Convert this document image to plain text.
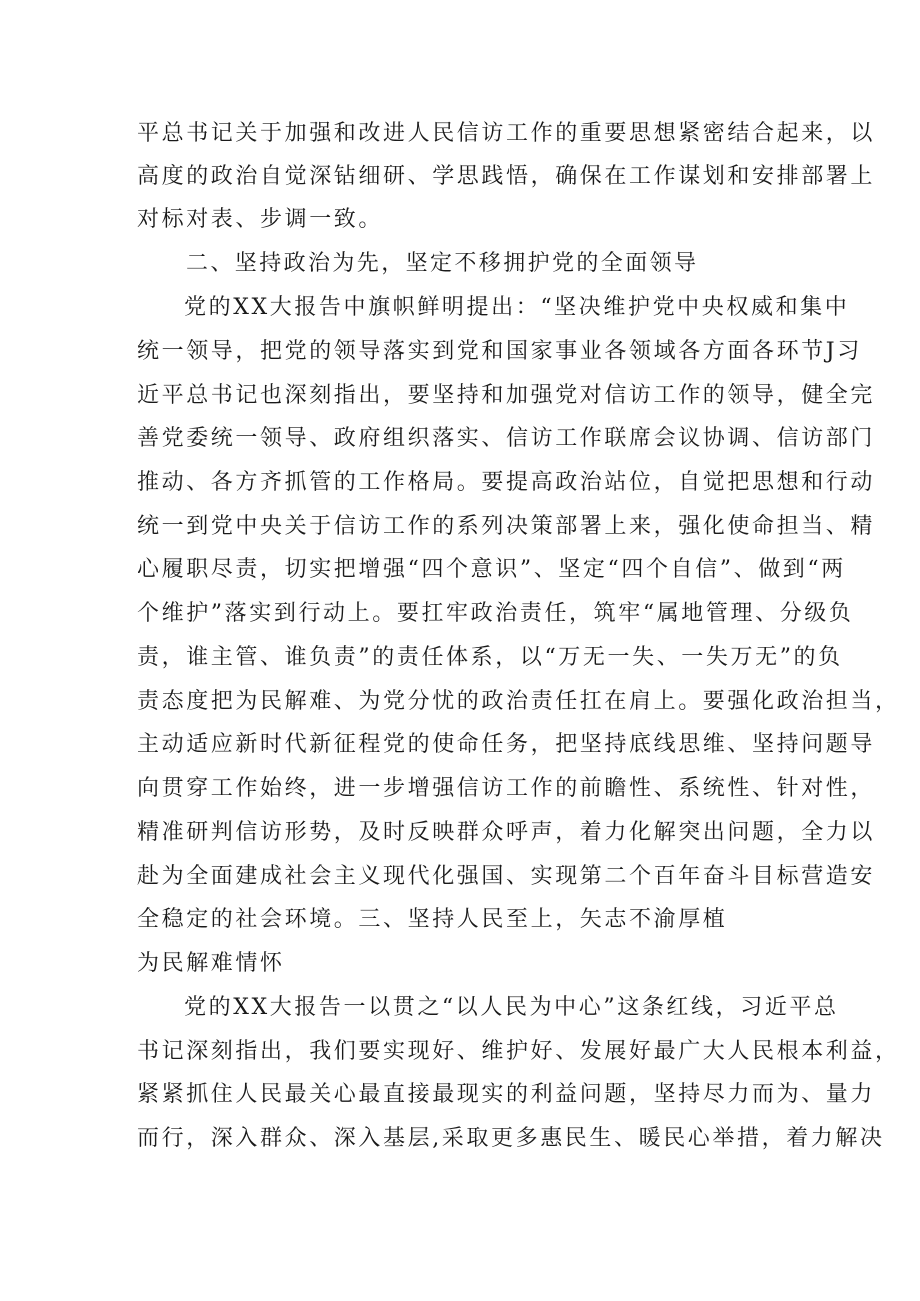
平总书记关于加强和改进人民信访工作的重要思想紧密结合起来，以
高度的政治自觉深钻细研、学思践悟，确保在工作谋划和安排部署上
对标对表、步调一致。
二、坚持政治为先，坚定不移拥护党的全面领导
党的XX大报告中旗帜鲜明提出：“坚决维护党中央权威和集中
统一领导，把党的领导落实到党和国家事业各领域各方面各环节J习
近平总书记也深刻指出，要坚持和加强党对信访工作的领导，健全完
善党委统一领导、政府组织落实、信访工作联席会议协调、信访部门
推动、各方齐抓管的工作格局。要提高政治站位，自觉把思想和行动
统一到党中央关于信访工作的系列决策部署上来，强化使命担当、精
心履职尽责，切实把增强“四个意识”、坚定“四个自信”、做到“两
个维护”落实到行动上。要扛牢政治责任，筑牢“属地管理、分级负
责，谁主管、谁负责”的责任体系，以“万无一失、一失万无”的负
责态度把为民解难、为党分忧的政治责任扛在肩上。要强化政治担当，
主动适应新时代新征程党的使命任务，把坚持底线思维、坚持问题导
向贯穿工作始终，进一步增强信访工作的前瞻性、系统性、针对性，
精准研判信访形势，及时反映群众呼声，着力化解突出问题，全力以
赴为全面建成社会主义现代化强国、实现第二个百年奋斗目标营造安
全稳定的社会环境。三、坚持人民至上，矢志不渝厚植
为民解难情怀
党的XX大报告一以贯之“以人民为中心”这条红线，习近平总
书记深刻指出，我们要实现好、维护好、发展好最广大人民根本利益，
紧紧抓住人民最关心最直接最现实的利益问题，坚持尽力而为、量力
而行，深入群众、深入基层,采取更多惠民生、暖民心举措，着力解决
